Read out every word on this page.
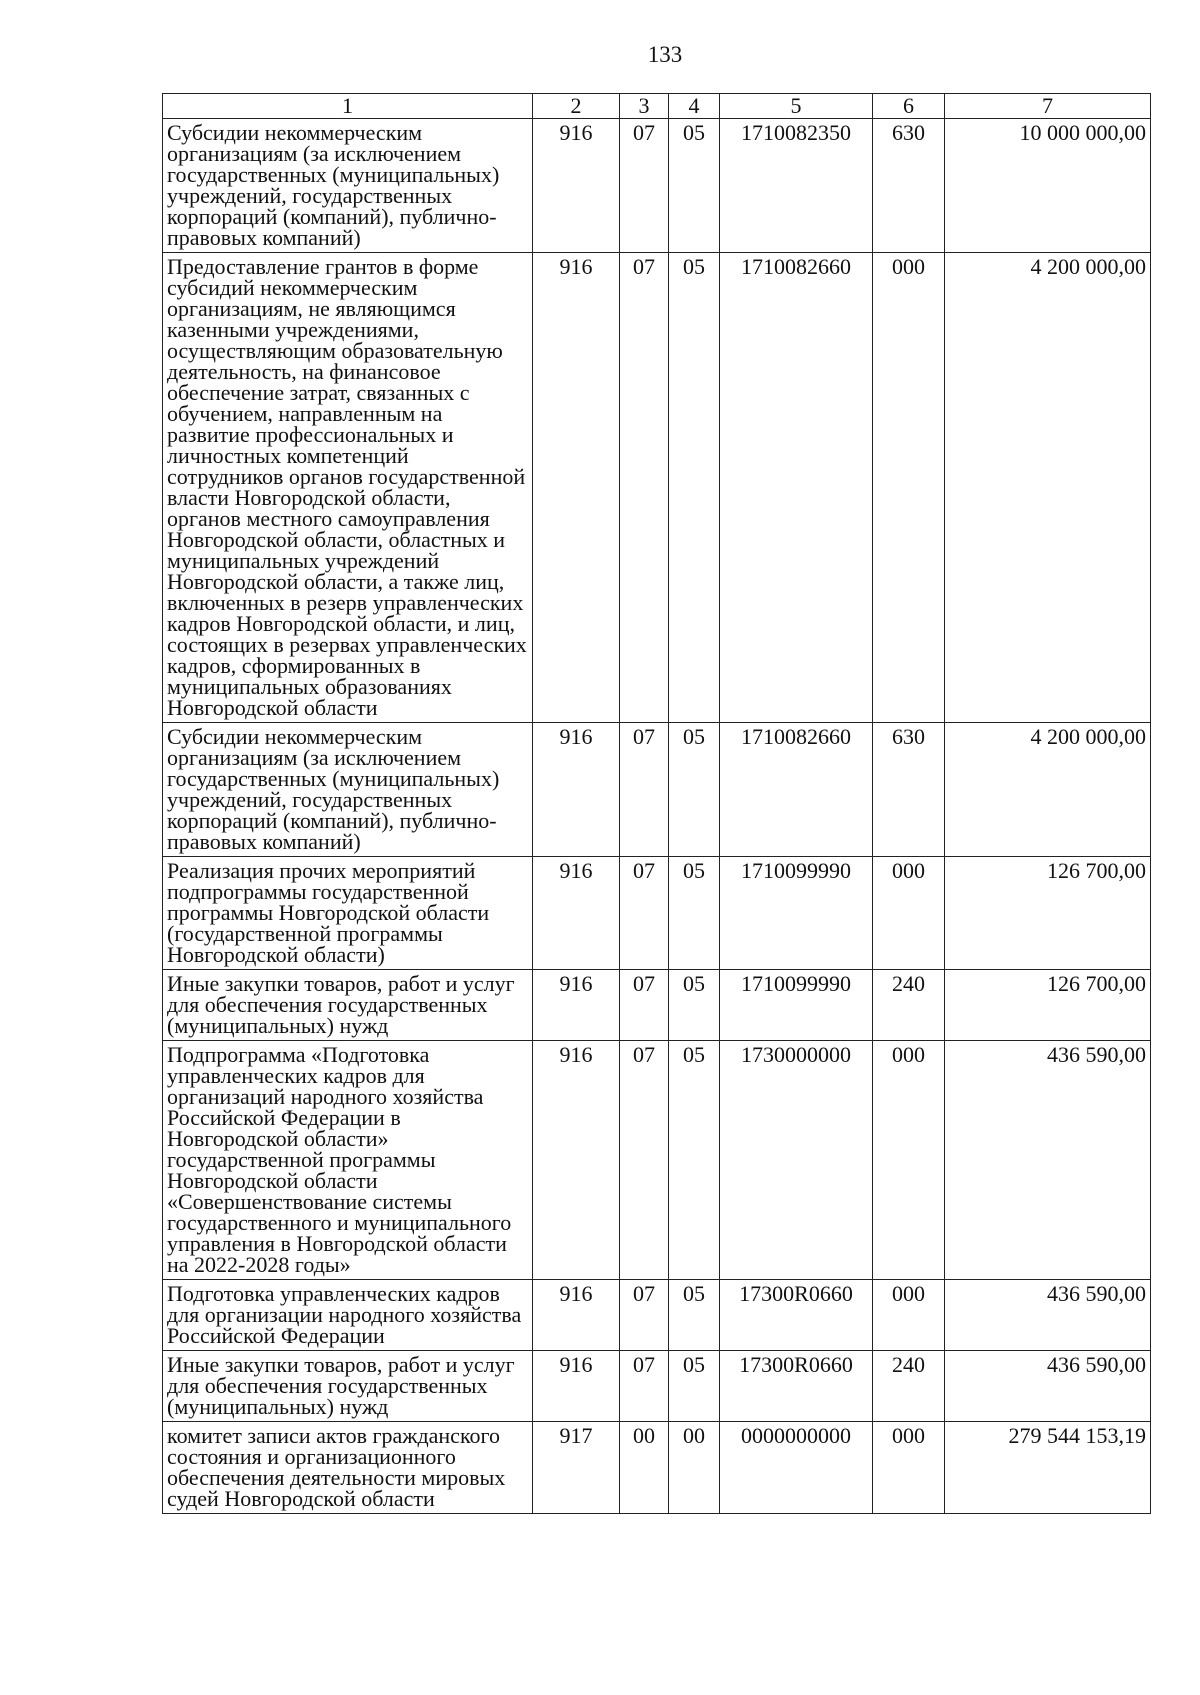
133
1	2	3	4	5	6	7
Субсидии некоммерческим организациям (за исключением государственных (муниципальных) учреждений, государственных корпораций (компаний), публично-правовых компаний)	916	07	05	1710082350	630	10 000 000,00
Предоставление грантов в форме субсидий некоммерческим организациям, не являющимся казенными учреждениями, осуществляющим образовательную деятельность, на финансовое обеспечение затрат, связанных с обучением, направленным на развитие профессиональных и личностных компетенций сотрудников органов государственной власти Новгородской области, органов местного самоуправления Новгородской области, областных и муниципальных учреждений Новгородской области, а также лиц, включенных в резерв управленческих кадров Новгородской области, и лиц, состоящих в резервах управленческих кадров, сформированных в муниципальных образованиях Новгородской области	916	07	05	1710082660	000	4 200 000,00
Субсидии некоммерческим организациям (за исключением государственных (муниципальных) учреждений, государственных корпораций (компаний), публично-правовых компаний)	916	07	05	1710082660	630	4 200 000,00
Реализация прочих мероприятий подпрограммы государственной программы Новгородской области (государственной программы Новгородской области)	916	07	05	1710099990	000	126 700,00
Иные закупки товаров, работ и услуг для обеспечения государственных (муниципальных) нужд	916	07	05	1710099990	240	126 700,00
Подпрограмма «Подготовка управленческих кадров для организаций народного хозяйства Российской Федерации в Новгородской области» государственной программы Новгородской области «Совершенствование системы государственного и муниципального управления в Новгородской области на 2022-2028 годы»	916	07	05	1730000000	000	436 590,00
Подготовка управленческих кадров для организации народного хозяйства Российской Федерации	916	07	05	17300R0660	000	436 590,00
Иные закупки товаров, работ и услуг для обеспечения государственных (муниципальных) нужд	916	07	05	17300R0660	240	436 590,00
комитет записи актов гражданского состояния и организационного обеспечения деятельности мировых судей Новгородской области	917	00	00	0000000000	000	279 544 153,19
